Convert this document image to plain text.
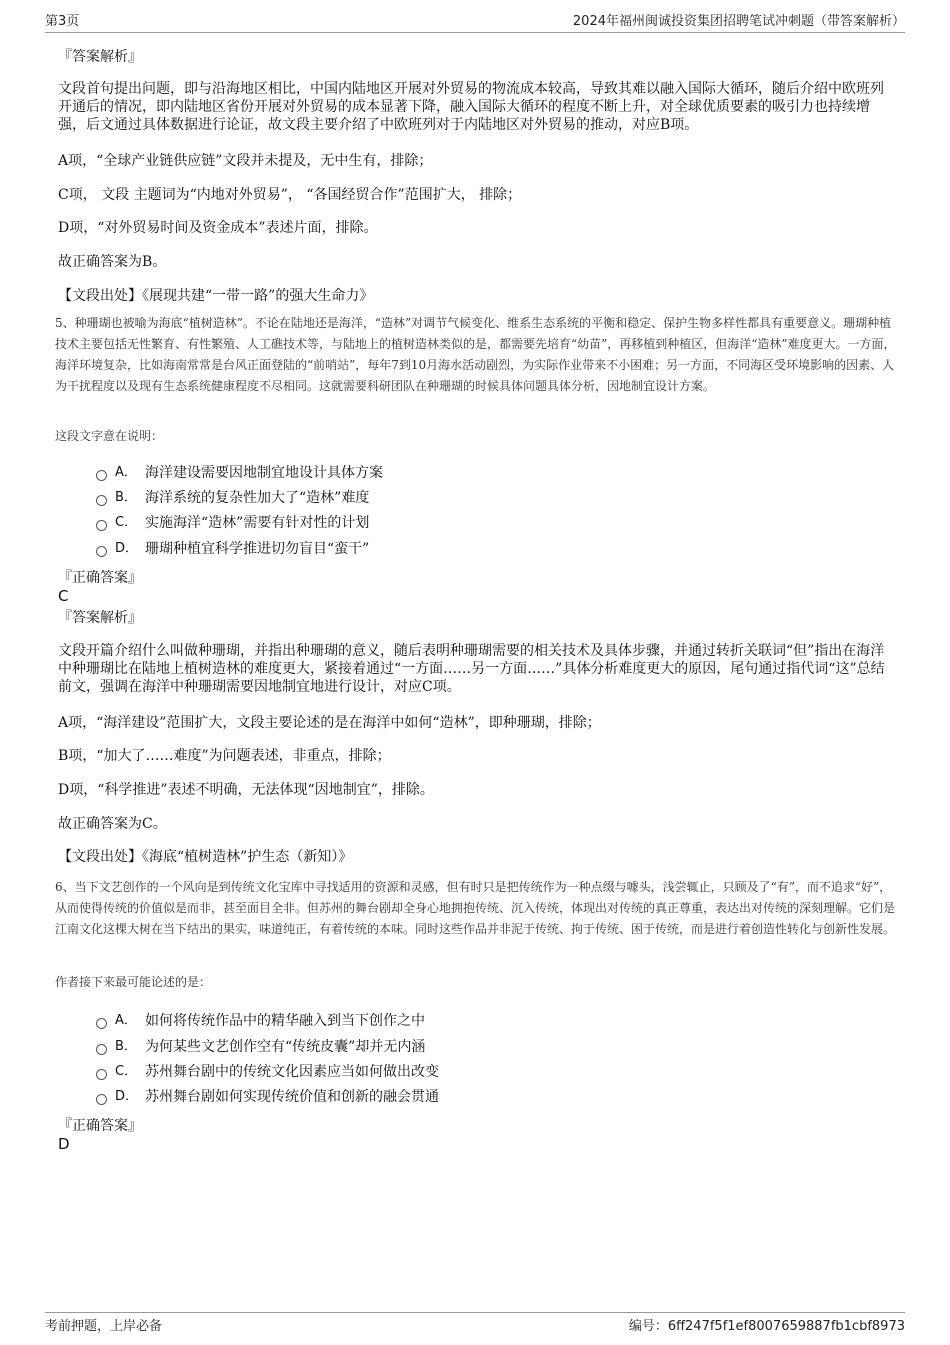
第3页	2024年福州闽诚投资集团招聘笔试冲刺题（带答案解析）
『答案解析』
文段首句提出问题，即与沿海地区相比，中国内陆地区开展对外贸易的物流成本较高，导致其难以融入国际大循环，随后介绍中欧班列开通后的情况，即内陆地区省份开展对外贸易的成本显著下降，融入国际大循环的程度不断上升，对全球优质要素的吸引力也持续增强，后文通过具体数据进行论证，故文段主要介绍了中欧班列对于内陆地区对外贸易的推动，对应B项。
A项，“全球产业链供应链”文段并未提及，无中生有，排除；
C项， 文段 主题词为“内地对外贸易”， “各国经贸合作”范围扩大， 排除；
D项，“对外贸易时间及资金成本”表述片面，排除。
故正确答案为B。
【文段出处】《展现共建“一带一路”的强大生命力》
5、种珊瑚也被喻为海底“植树造林”。不论在陆地还是海洋，“造林”对调节气候变化、维系生态系统的平衡和稳定、保护生物多样性都具有重要意义。珊瑚种植技术主要包括无性繁育、有性繁殖、人工礁技术等，与陆地上的植树造林类似的是，都需要先培育“幼苗”，再移植到种植区，但海洋“造林”难度更大。一方面，海洋环境复杂，比如海南常常是台风正面登陆的“前哨站”，每年7到10月海水活动剧烈，为实际作业带来不小困难；另一方面，不同海区受环境影响的因素、人为干扰程度以及现有生态系统健康程度不尽相同。这就需要科研团队在种珊瑚的时候具体问题具体分析，因地制宜设计方案。
这段文字意在说明：
A． 海洋建设需要因地制宜地设计具体方案
B． 海洋系统的复杂性加大了“造林”难度
C． 实施海洋“造林”需要有针对性的计划
D． 珊瑚种植宜科学推进切勿盲目“蛮干”
『正确答案』
C
『答案解析』
文段开篇介绍什么叫做种珊瑚，并指出种珊瑚的意义，随后表明种珊瑚需要的相关技术及具体步骤，并通过转折关联词“但”指出在海洋中种珊瑚比在陆地上植树造林的难度更大，紧接着通过“一方面……另一方面……”具体分析难度更大的原因，尾句通过指代词“这”总结前文，强调在海洋中种珊瑚需要因地制宜地进行设计，对应C项。
A项，“海洋建设”范围扩大，文段主要论述的是在海洋中如何“造林”，即种珊瑚，排除；
B项，“加大了……难度”为问题表述，非重点，排除；
D项，“科学推进”表述不明确，无法体现“因地制宜”，排除。
故正确答案为C。
【文段出处】《海底“植树造林”护生态（新知）》
6、当下文艺创作的一个风向是到传统文化宝库中寻找适用的资源和灵感，但有时只是把传统作为一种点缀与噱头，浅尝辄止，只顾及了“有”，而不追求“好”，从而使得传统的价值似是而非，甚至面目全非。但苏州的舞台剧却全身心地拥抱传统、沉入传统，体现出对传统的真正尊重，表达出对传统的深刻理解。它们是江南文化这棵大树在当下结出的果实，味道纯正，有着传统的本味。同时这些作品并非泥于传统、拘于传统、困于传统，而是进行着创造性转化与创新性发展。
作者接下来最可能论述的是：
A． 如何将传统作品中的精华融入到当下创作之中
B． 为何某些文艺创作空有“传统皮囊”却并无内涵
C． 苏州舞台剧中的传统文化因素应当如何做出改变
D． 苏州舞台剧如何实现传统价值和创新的融会贯通
『正确答案』
D
考前押题，上岸必备	编号：6ff247f5f1ef8007659887fb1cbf8973
